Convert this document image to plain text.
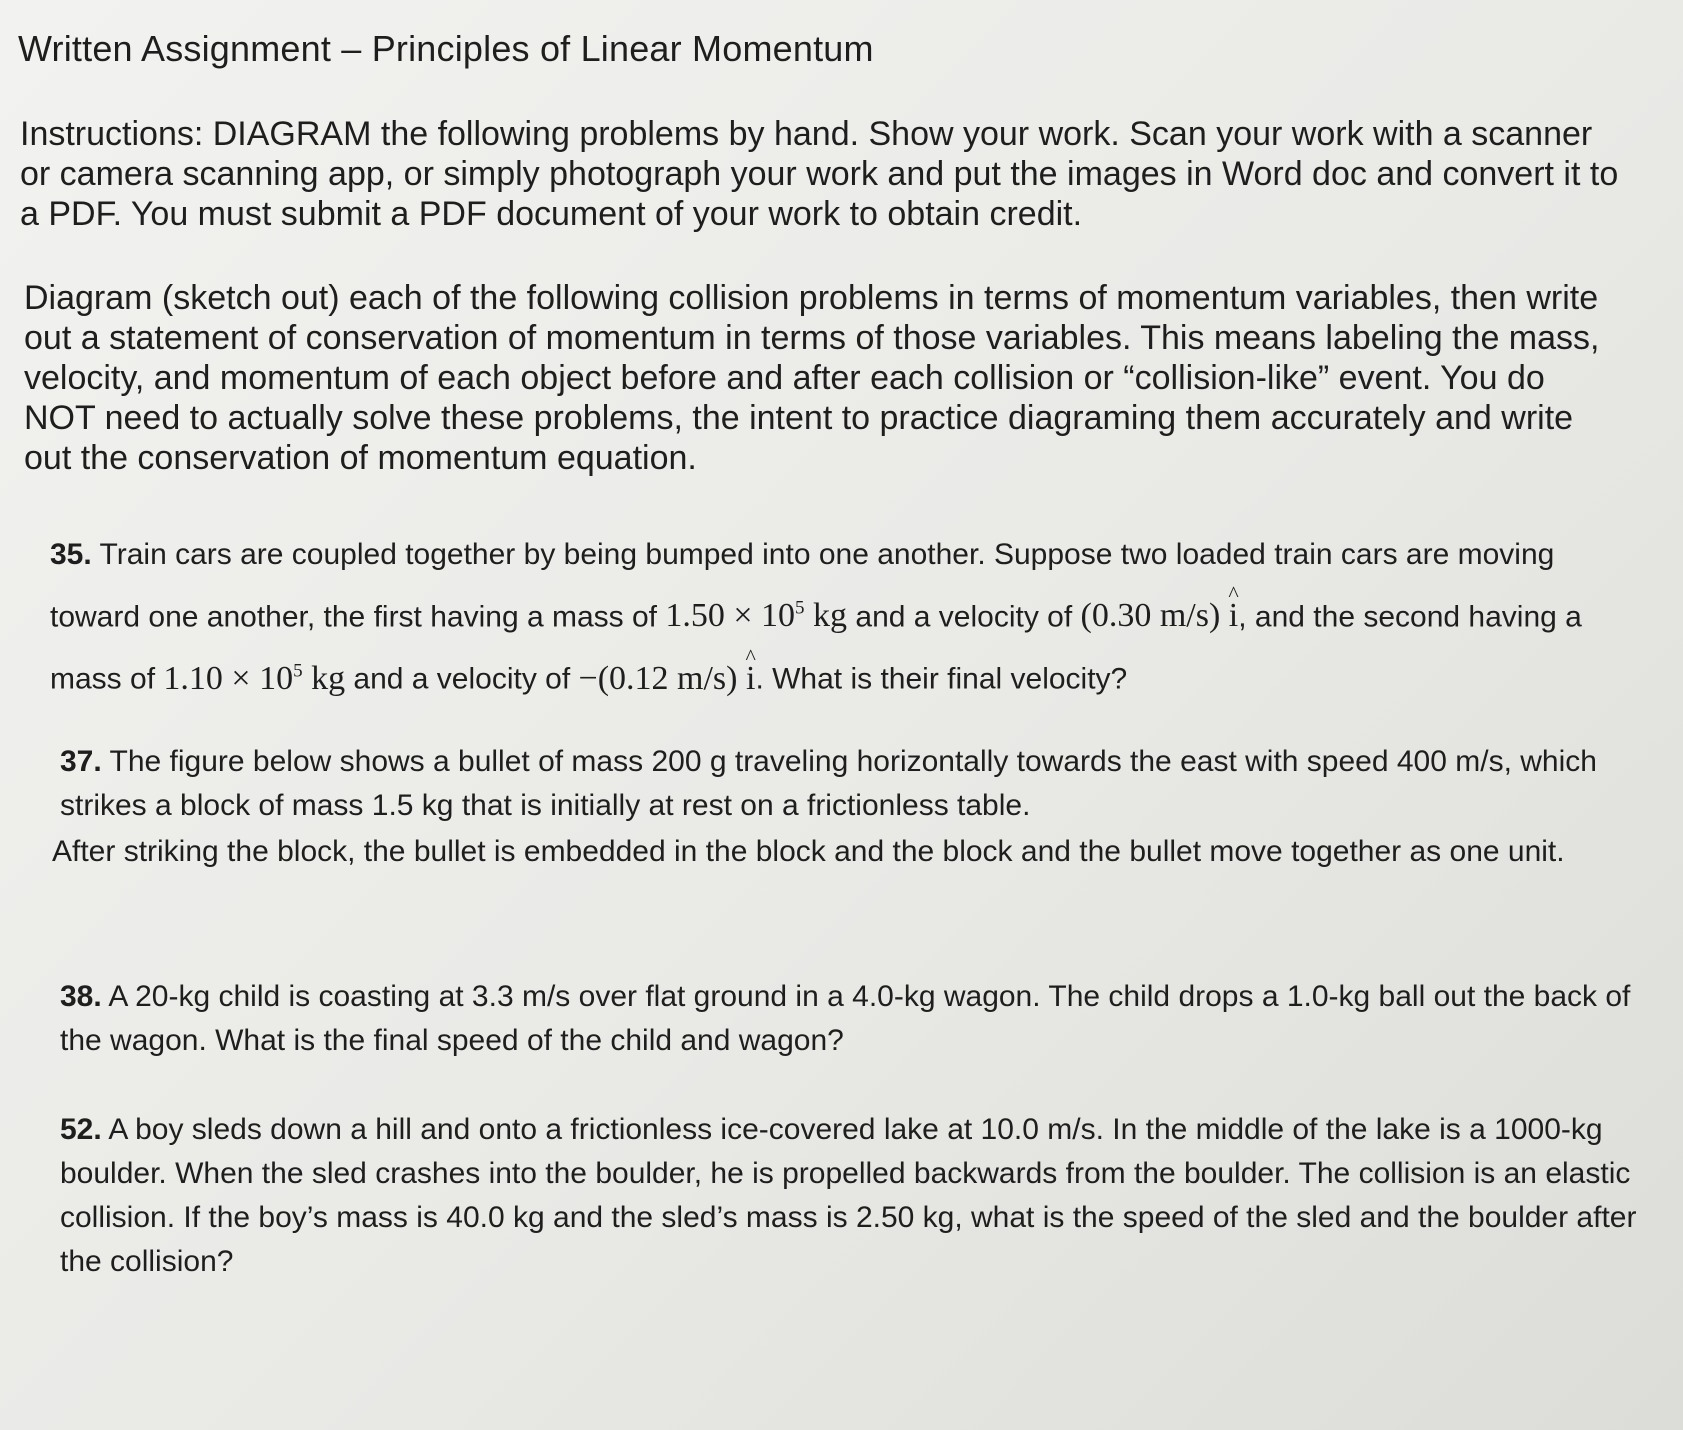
Written Assignment – Principles of Linear Momentum

Instructions: DIAGRAM the following problems by hand. Show your work. Scan your work with a scanner or camera scanning app, or simply photograph your work and put the images in Word doc and convert it to a PDF. You must submit a PDF document of your work to obtain credit.

Diagram (sketch out) each of the following collision problems in terms of momentum variables, then write out a statement of conservation of momentum in terms of those variables. This means labeling the mass, velocity, and momentum of each object before and after each collision or “collision-like” event. You do NOT need to actually solve these problems, the intent to practice diagraming them accurately and write out the conservation of momentum equation.

35. Train cars are coupled together by being bumped into one another. Suppose two loaded train cars are moving toward one another, the first having a mass of $1.50 \times 10^5$ kg and a velocity of (0.30 m/s) i ^, and the second having a mass of $1.10 \times 10^5$ kg and a velocity of −(0.12 m/s) i ^. What is their final velocity?

37. The figure below shows a bullet of mass 200 g traveling horizontally towards the east with speed 400 m/s, which strikes a block of mass 1.5 kg that is initially at rest on a frictionless table.

After striking the block, the bullet is embedded in the block and the block and the bullet move together as one unit.

38. A 20-kg child is coasting at 3.3 m/s over flat ground in a 4.0-kg wagon. The child drops a 1.0-kg ball out the back of the wagon. What is the final speed of the child and wagon?

52. A boy sleds down a hill and onto a frictionless ice-covered lake at 10.0 m/s. In the middle of the lake is a 1000-kg boulder. When the sled crashes into the boulder, he is propelled backwards from the boulder. The collision is an elastic collision. If the boy’s mass is 40.0 kg and the sled’s mass is 2.50 kg, what is the speed of the sled and the boulder after the collision?
